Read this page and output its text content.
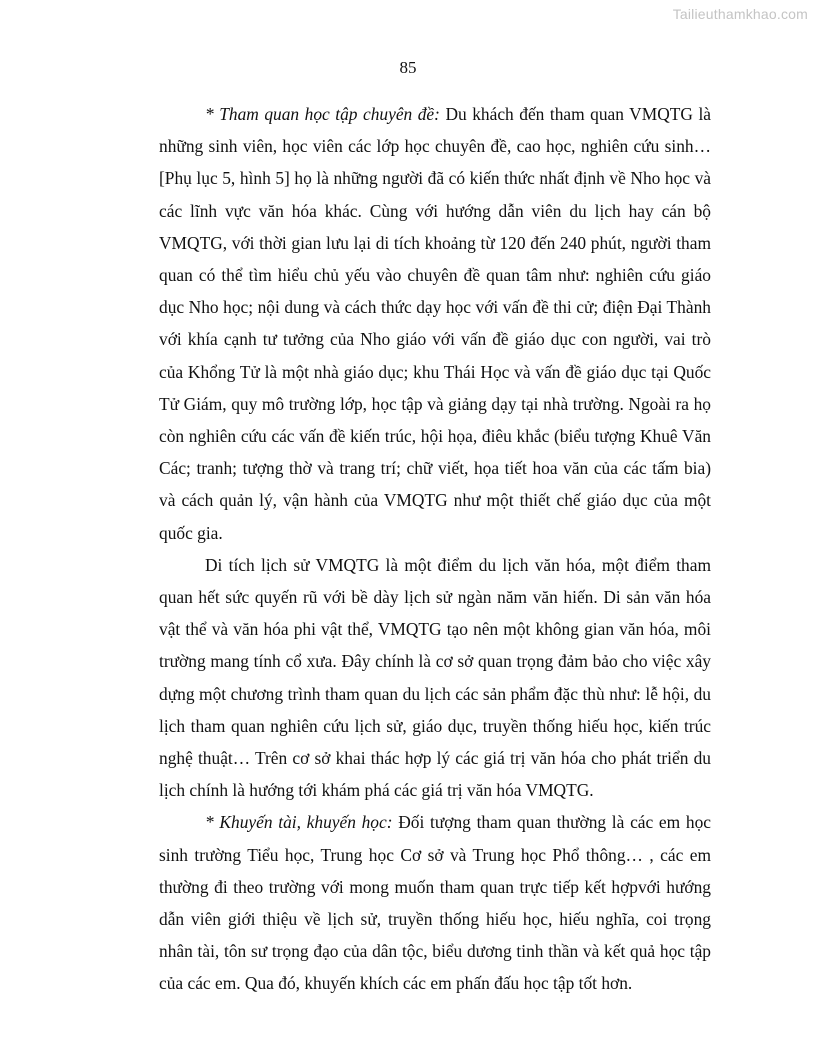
Tailieuthamkhao.com
85

* Tham quan học tập chuyên đề: Du khách đến tham quan VMQTG là những sinh viên, học viên các lớp học chuyên đề, cao học, nghiên cứu sinh… [Phụ lục 5, hình 5] họ là những người đã có kiến thức nhất định về Nho học và các lĩnh vực văn hóa khác. Cùng với hướng dẫn viên du lịch hay cán bộ VMQTG, với thời gian lưu lại di tích khoảng từ 120 đến 240 phút, người tham quan có thể tìm hiểu chủ yếu vào chuyên đề quan tâm như: nghiên cứu giáo dục Nho học; nội dung và cách thức dạy học với vấn đề thi cử; điện Đại Thành với khía cạnh tư tưởng của Nho giáo với vấn đề giáo dục con người, vai trò của Khổng Tử là một nhà giáo dục; khu Thái Học và vấn đề giáo dục tại Quốc Tử Giám, quy mô trường lớp, học tập và giảng dạy tại nhà trường. Ngoài ra họ còn nghiên cứu các vấn đề kiến trúc, hội họa, điêu khắc (biểu tượng Khuê Văn Các; tranh; tượng thờ và trang trí; chữ viết, họa tiết hoa văn của các tấm bia) và cách quản lý, vận hành của VMQTG như một thiết chế giáo dục của một quốc gia.

Di tích lịch sử VMQTG là một điểm du lịch văn hóa, một điểm tham quan hết sức quyến rũ với bề dày lịch sử ngàn năm văn hiến. Di sản văn hóa vật thể và văn hóa phi vật thể, VMQTG tạo nên một không gian văn hóa, môi trường mang tính cổ xưa. Đây chính là cơ sở quan trọng đảm bảo cho việc xây dựng một chương trình tham quan du lịch các sản phẩm đặc thù như: lễ hội, du lịch tham quan nghiên cứu lịch sử, giáo dục, truyền thống hiếu học, kiến trúc nghệ thuật… Trên cơ sở khai thác hợp lý các giá trị văn hóa cho phát triển du lịch chính là hướng tới khám phá các giá trị văn hóa VMQTG.

* Khuyến tài, khuyến học: Đối tượng tham quan thường là các em học sinh trường Tiểu học, Trung học Cơ sở và Trung học Phổ thông… , các em thường đi theo trường với mong muốn tham quan trực tiếp kết hợpvới hướng dẫn viên giới thiệu về lịch sử, truyền thống hiếu học, hiếu nghĩa, coi trọng nhân tài, tôn sư trọng đạo của dân tộc, biểu dương tinh thần và kết quả học tập của các em. Qua đó, khuyến khích các em phấn đấu học tập tốt hơn.
